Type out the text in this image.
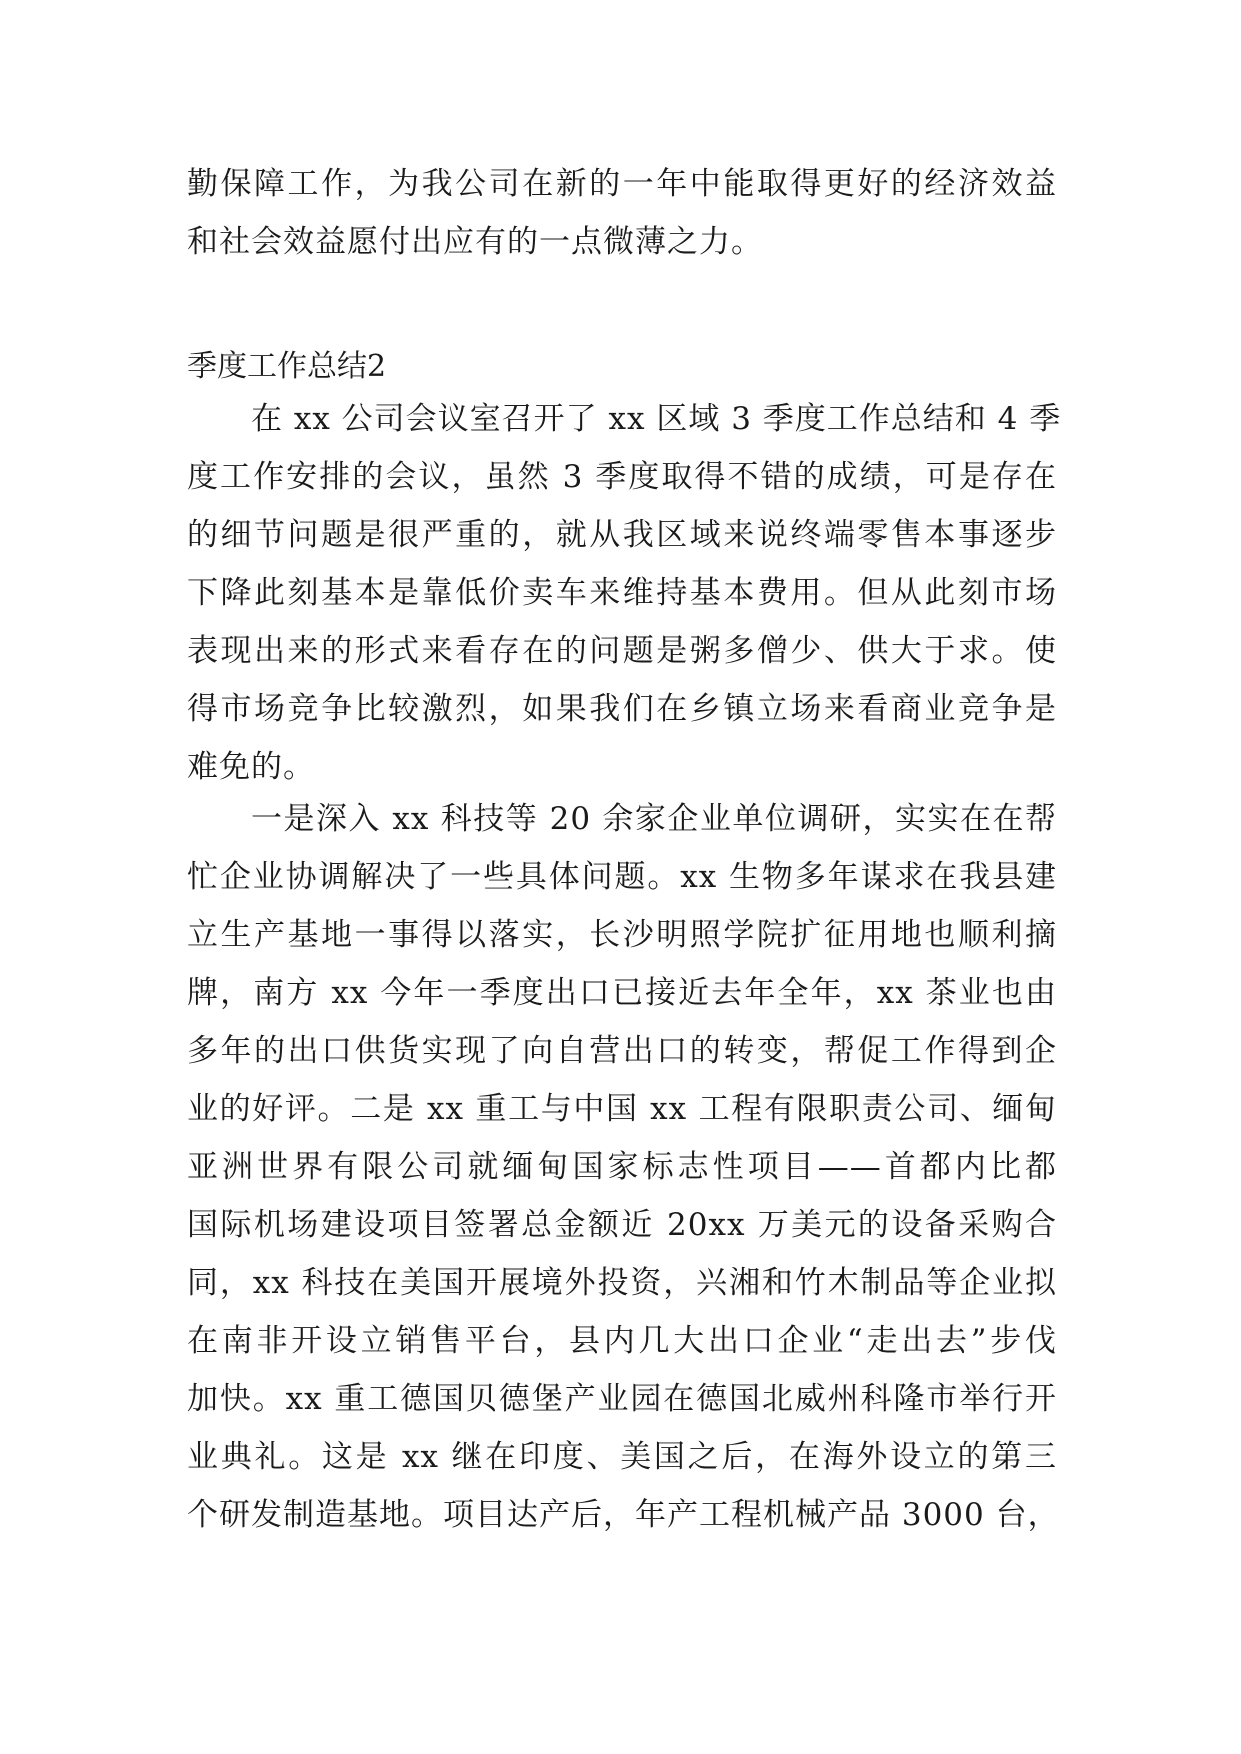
勤保障工作，为我公司在新的一年中能取得更好的经济效益
和社会效益愿付出应有的一点微薄之力。
季度工作总结2
在 xx 公司会议室召开了 xx 区域 3 季度工作总结和 4 季
度工作安排的会议，虽然 3 季度取得不错的成绩，可是存在
的细节问题是很严重的，就从我区域来说终端零售本事逐步
下降此刻基本是靠低价卖车来维持基本费用。但从此刻市场
表现出来的形式来看存在的问题是粥多僧少、供大于求。使
得市场竞争比较激烈，如果我们在乡镇立场来看商业竞争是
难免的。
一是深入 xx 科技等 20 余家企业单位调研，实实在在帮
忙企业协调解决了一些具体问题。xx 生物多年谋求在我县建
立生产基地一事得以落实，长沙明照学院扩征用地也顺利摘
牌，南方 xx 今年一季度出口已接近去年全年，xx 茶业也由
多年的出口供货实现了向自营出口的转变，帮促工作得到企
业的好评。二是 xx 重工与中国 xx 工程有限职责公司、缅甸
亚洲世界有限公司就缅甸国家标志性项目——首都内比都
国际机场建设项目签署总金额近 20xx 万美元的设备采购合
同，xx 科技在美国开展境外投资，兴湘和竹木制品等企业拟
在南非开设立销售平台，县内几大出口企业“走出去”步伐
加快。xx 重工德国贝德堡产业园在德国北威州科隆市举行开
业典礼。这是 xx 继在印度、美国之后，在海外设立的第三
个研发制造基地。项目达产后，年产工程机械产品 3000 台，
